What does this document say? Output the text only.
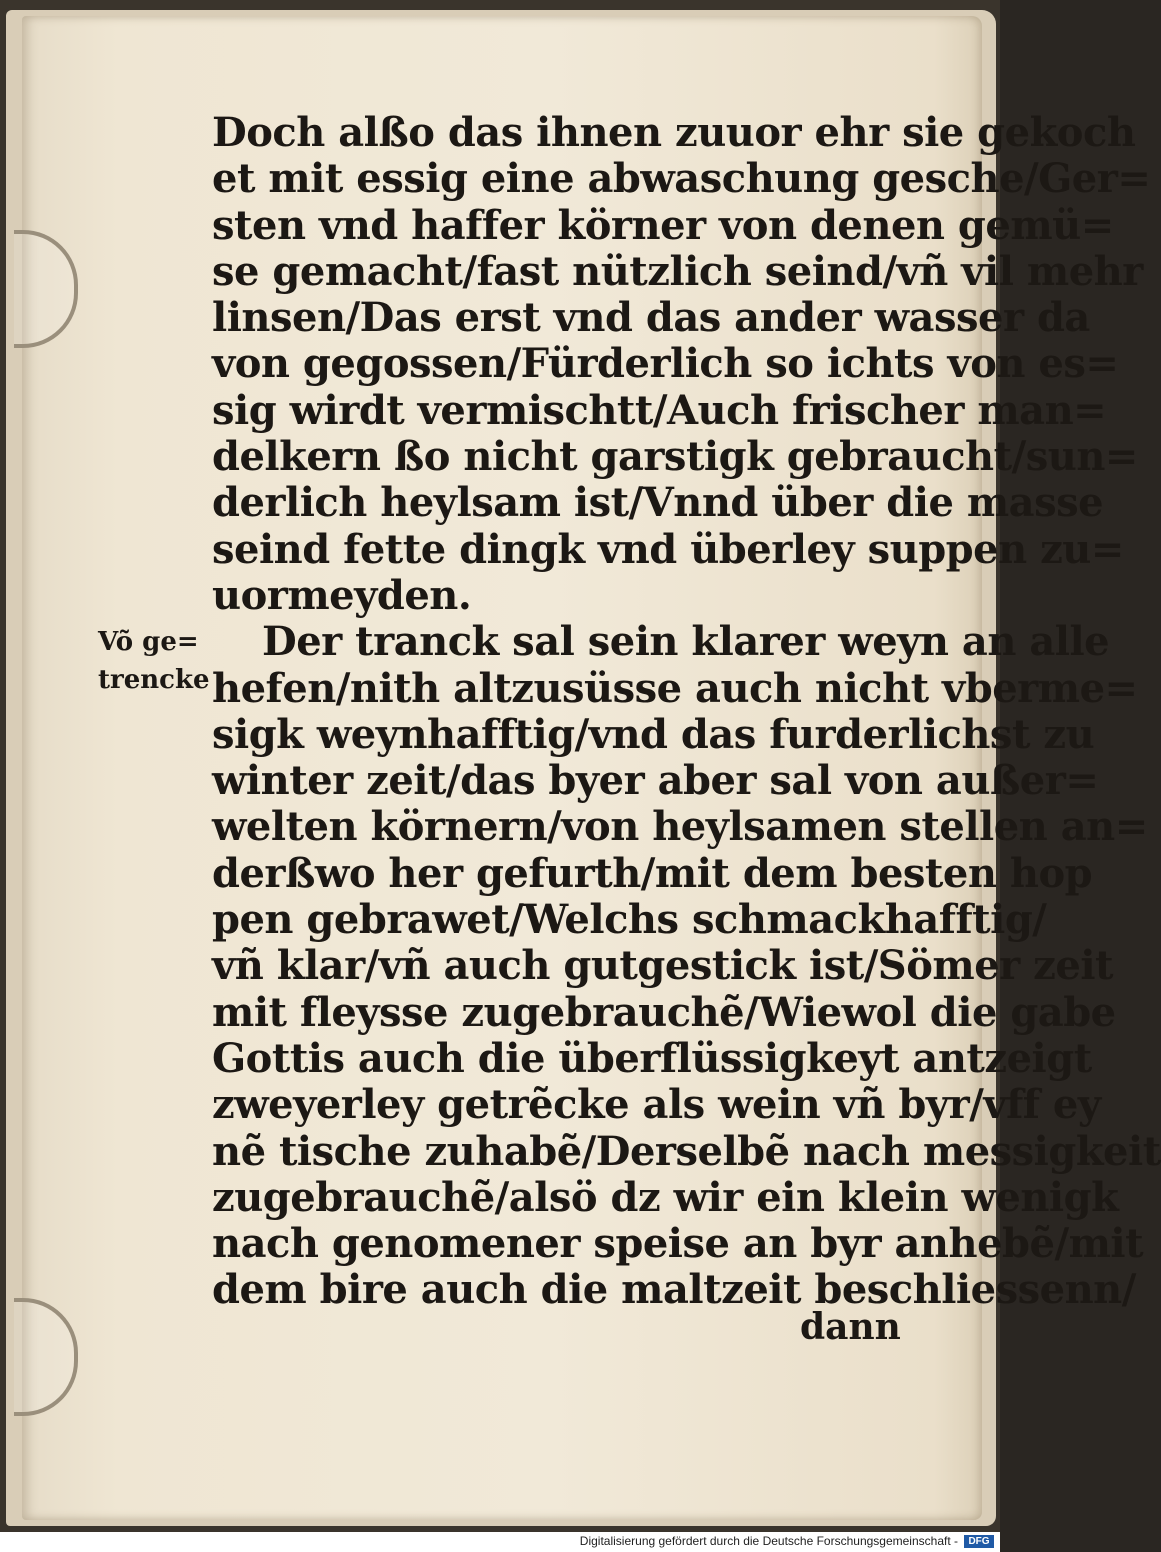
Võ ge=
trencke
Doch alßo das ihnen zuuor ehr sie gekoch
et mit essig eine abwaschung gesche/Ger=
sten vnd haffer körner von denen gemü=
se gemacht/fast nützlich seind/vñ vil mehr
linsen/Das erst vnd das ander wasser da
von gegossen/Fürderlich so ichts von es=
sig wirdt vermischtt/Auch frischer man=
delkern ßo nicht garstigk gebraucht/sun=
derlich heylsam ist/Vnnd über die masse
seind fette dingk vnd überley suppen zu=
uormeyden.
Der tranck sal sein klarer weyn an alle
hefen/nith altzusüsse auch nicht vberme=
sigk weynhafftig/vnd das furderlichst zu
winter zeit/das byer aber sal von außer=
welten körnern/von heylsamen stellen an=
derßwo her gefurth/mit dem besten hop
pen gebrawet/Welchs schmackhafftig/
vñ klar/vñ auch gutgestick ist/Sömer zeit
mit fleysse zugebrauchẽ/Wiewol die gabe
Gottis auch die überflüssigkeyt antzeigt
zweyerley getrẽcke als wein vñ byr/vff ey
nẽ tische zuhabẽ/Derselbẽ nach messigkeit
zugebrauchẽ/alsö dz wir ein klein wenigk
nach genomener speise an byr anhebẽ/mit
dem bire auch die maltzeit beschliessenn/
dann
Digitalisierung gefördert durch die Deutsche Forschungsgemeinschaft -	DFG
